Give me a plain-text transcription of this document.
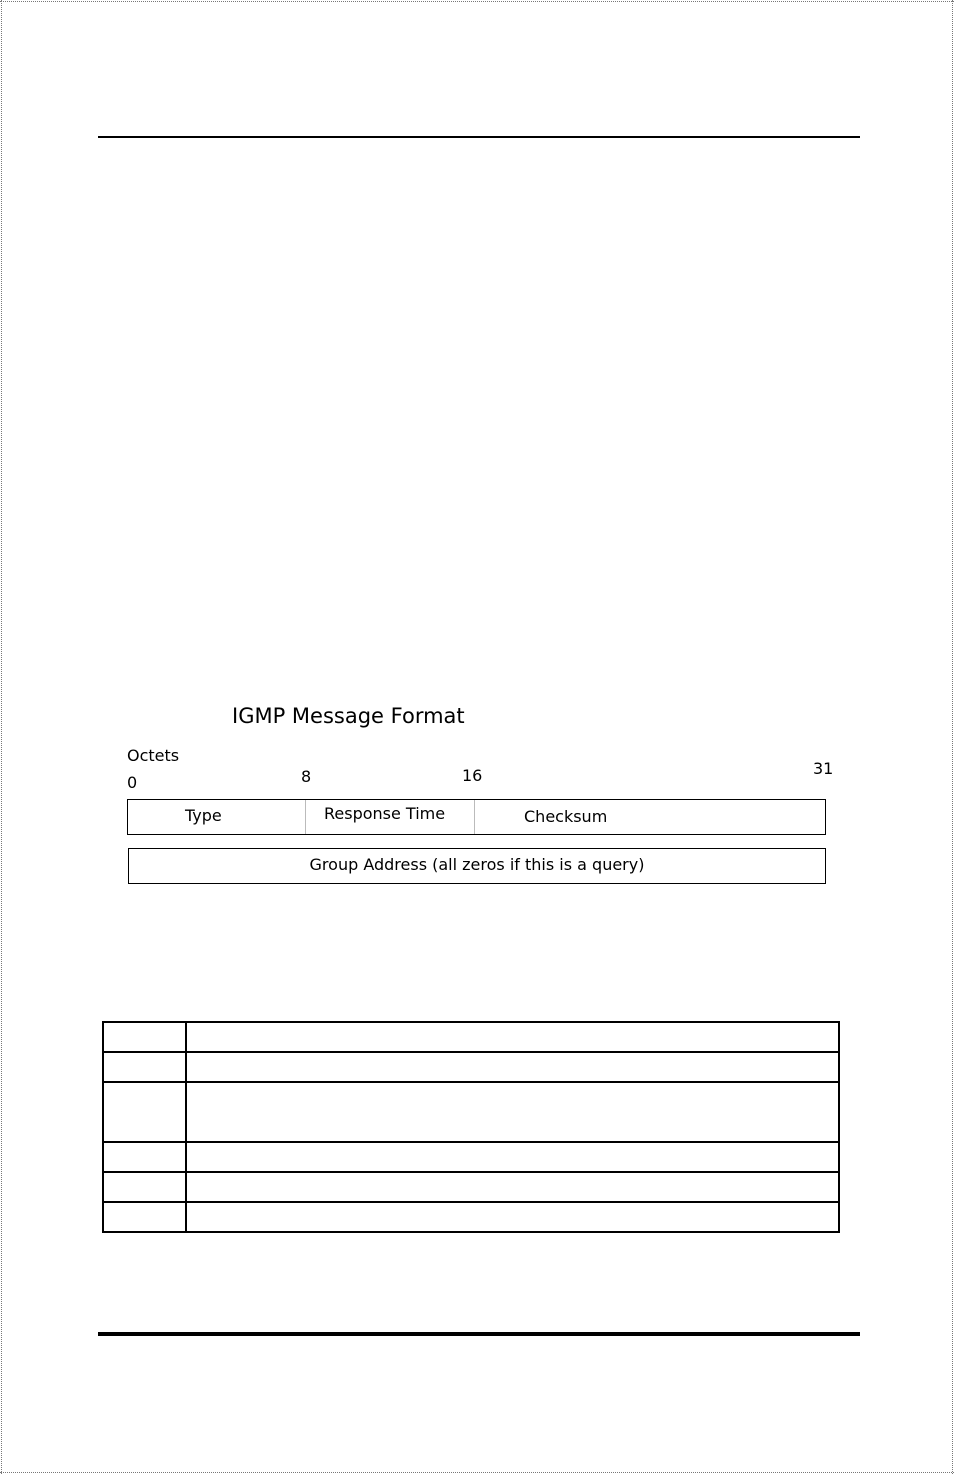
IGMP Message Format
Octets
0	8	16	31
Type	Response Time	Checksum
Group Address (all zeros if this is a query)
